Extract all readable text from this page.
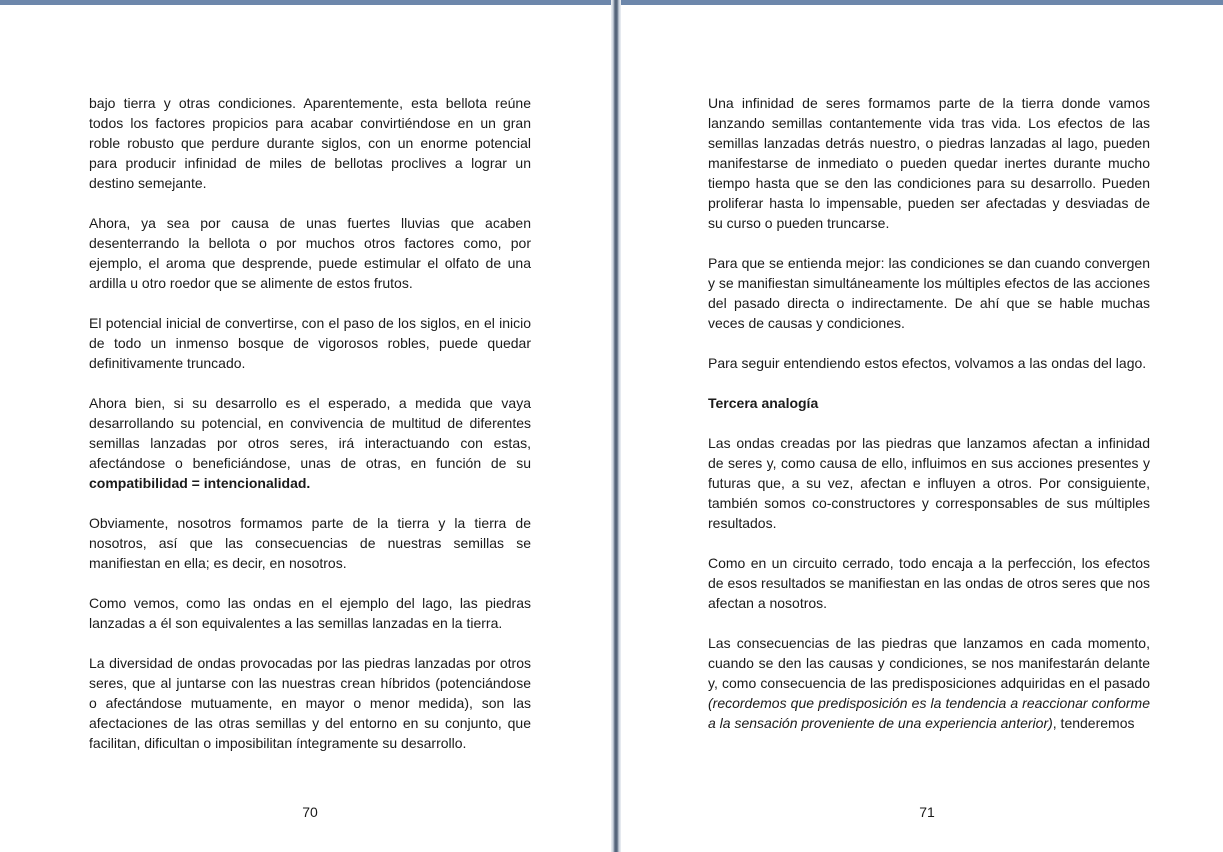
bajo tierra y otras condiciones. Aparentemente, esta bellota reúne todos los factores propicios para acabar convirtiéndose en un gran roble robusto que perdure durante siglos, con un enorme potencial para producir infinidad de miles de bellotas proclives a lograr un destino semejante.

Ahora, ya sea por causa de unas fuertes lluvias que acaben desenterrando la bellota o por muchos otros factores como, por ejemplo, el aroma que desprende, puede estimular el olfato de una ardilla u otro roedor que se alimente de estos frutos.

El potencial inicial de convertirse, con el paso de los siglos, en el inicio de todo un inmenso bosque de vigorosos robles, puede quedar definitivamente truncado.

Ahora bien, si su desarrollo es el esperado, a medida que vaya desarrollando su potencial, en convivencia de multitud de diferentes semillas lanzadas por otros seres, irá interactuando con estas, afectándose o beneficiándose, unas de otras, en función de su compatibilidad = intencionalidad.

Obviamente, nosotros formamos parte de la tierra y la tierra de nosotros, así que las consecuencias de nuestras semillas se manifiestan en ella; es decir, en nosotros.

Como vemos, como las ondas en el ejemplo del lago, las piedras lanzadas a él son equivalentes a las semillas lanzadas en la tierra.

La diversidad de ondas provocadas por las piedras lanzadas por otros seres, que al juntarse con las nuestras crean híbridos (potenciándose o afectándose mutuamente, en mayor o menor medida), son las afectaciones de las otras semillas y del entorno en su conjunto, que facilitan, dificultan o imposibilitan íntegramente su desarrollo.

70

Una infinidad de seres formamos parte de la tierra donde vamos lanzando semillas contantemente vida tras vida. Los efectos de las semillas lanzadas detrás nuestro, o piedras lanzadas al lago, pueden manifestarse de inmediato o pueden quedar inertes durante mucho tiempo hasta que se den las condiciones para su desarrollo. Pueden proliferar hasta lo impensable, pueden ser afectadas y desviadas de su curso o pueden truncarse.

Para que se entienda mejor: las condiciones se dan cuando convergen y se manifiestan simultáneamente los múltiples efectos de las acciones del pasado directa o indirectamente. De ahí que se hable muchas veces de causas y condiciones.

Para seguir entendiendo estos efectos, volvamos a las ondas del lago.

Tercera analogía

Las ondas creadas por las piedras que lanzamos afectan a infinidad de seres y, como causa de ello, influimos en sus acciones presentes y futuras que, a su vez, afectan e influyen a otros. Por consiguiente, también somos co-constructores y corresponsables de sus múltiples resultados.

Como en un circuito cerrado, todo encaja a la perfección, los efectos de esos resultados se manifiestan en las ondas de otros seres que nos afectan a nosotros.

Las consecuencias de las piedras que lanzamos en cada momento, cuando se den las causas y condiciones, se nos manifestarán delante y, como consecuencia de las predisposiciones adquiridas en el pasado (recordemos que predisposición es la tendencia a reaccionar conforme a la sensación proveniente de una experiencia anterior), tenderemos

71
